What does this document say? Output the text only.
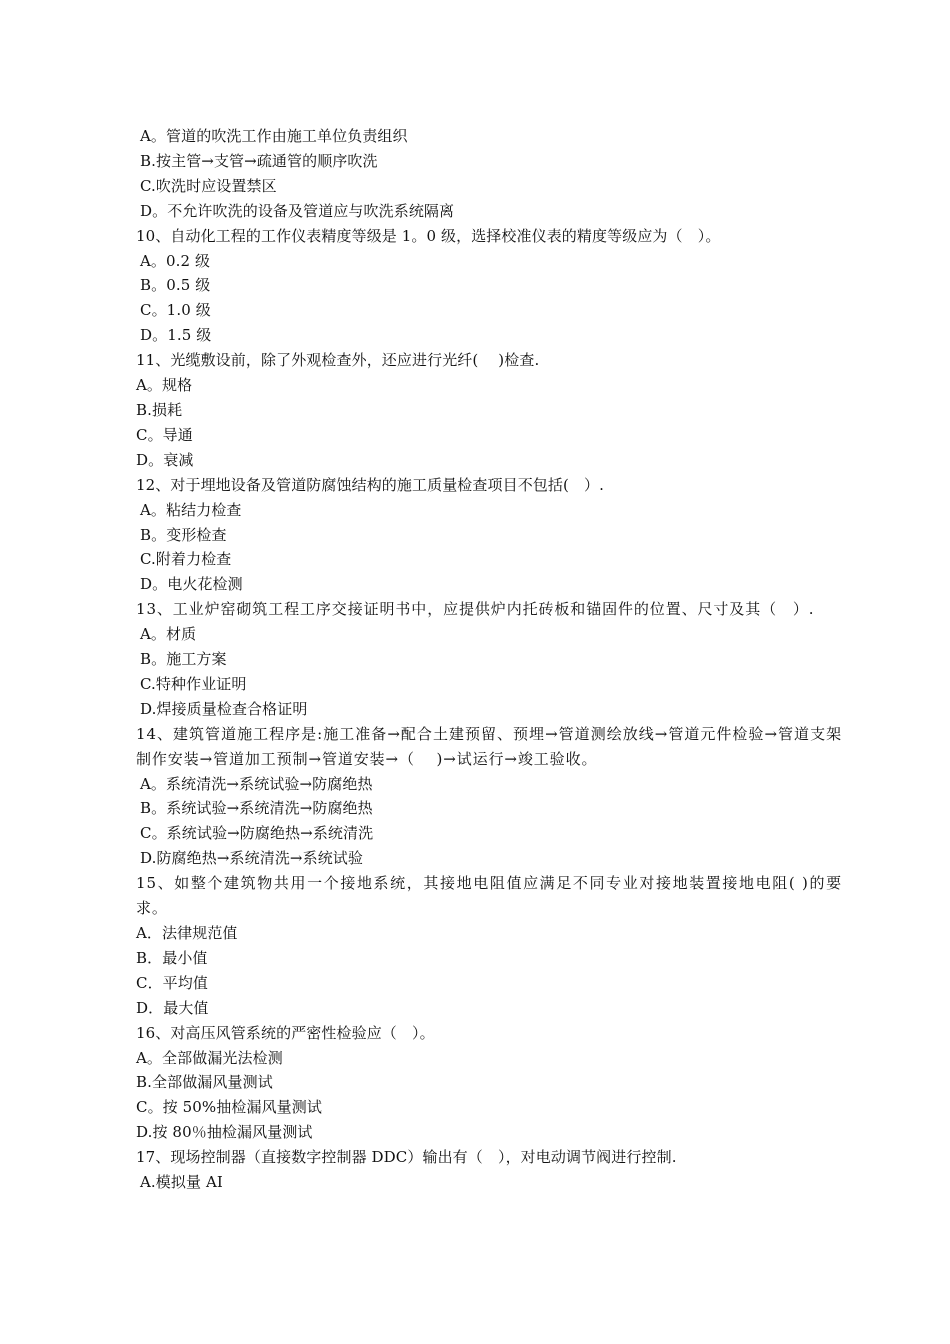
A。管道的吹洗工作由施工单位负责组织
B.按主管→支管→疏通管的顺序吹洗
C.吹洗时应设置禁区
D。不允许吹洗的设备及管道应与吹洗系统隔离
10、自动化工程的工作仪表精度等级是 1。0 级，选择校准仪表的精度等级应为（　）。
A。0.2 级
B。0.5 级
C。1.0 级
D。1.5 级
11、光缆敷设前，除了外观检查外，还应进行光纤(　 )检查.
A。规格
B.损耗
C。导通
D。衰减
12、对于埋地设备及管道防腐蚀结构的施工质量检查项目不包括(　）.
A。粘结力检查
B。变形检查
C.附着力检查
D。电火花检测
13、工业炉窑砌筑工程工序交接证明书中，应提供炉内托砖板和锚固件的位置、尺寸及其（　）.
A。材质
B。施工方案
C.特种作业证明
D.焊接质量检查合格证明
14、建筑管道施工程序是:施工准备→配合土建预留、预埋→管道测绘放线→管道元件检验→管道支架制作安装→管道加工预制→管道安装→（　 )→试运行→竣工验收。
A。系统清洗→系统试验→防腐绝热
B。系统试验→系统清洗→防腐绝热
C。系统试验→防腐绝热→系统清洗
D.防腐绝热→系统清洗→系统试验
15、如整个建筑物共用一个接地系统，其接地电阻值应满足不同专业对接地装置接地电阻( )的要求。
A．法律规范值
B．最小值
C．平均值
D．最大值
16、对高压风管系统的严密性检验应（　）。
A。全部做漏光法检测
B.全部做漏风量测试
C。按 50%抽检漏风量测试
D.按 80％抽检漏风量测试
17、现场控制器（直接数字控制器 DDC）输出有（　），对电动调节阀进行控制.
A.模拟量 AI
